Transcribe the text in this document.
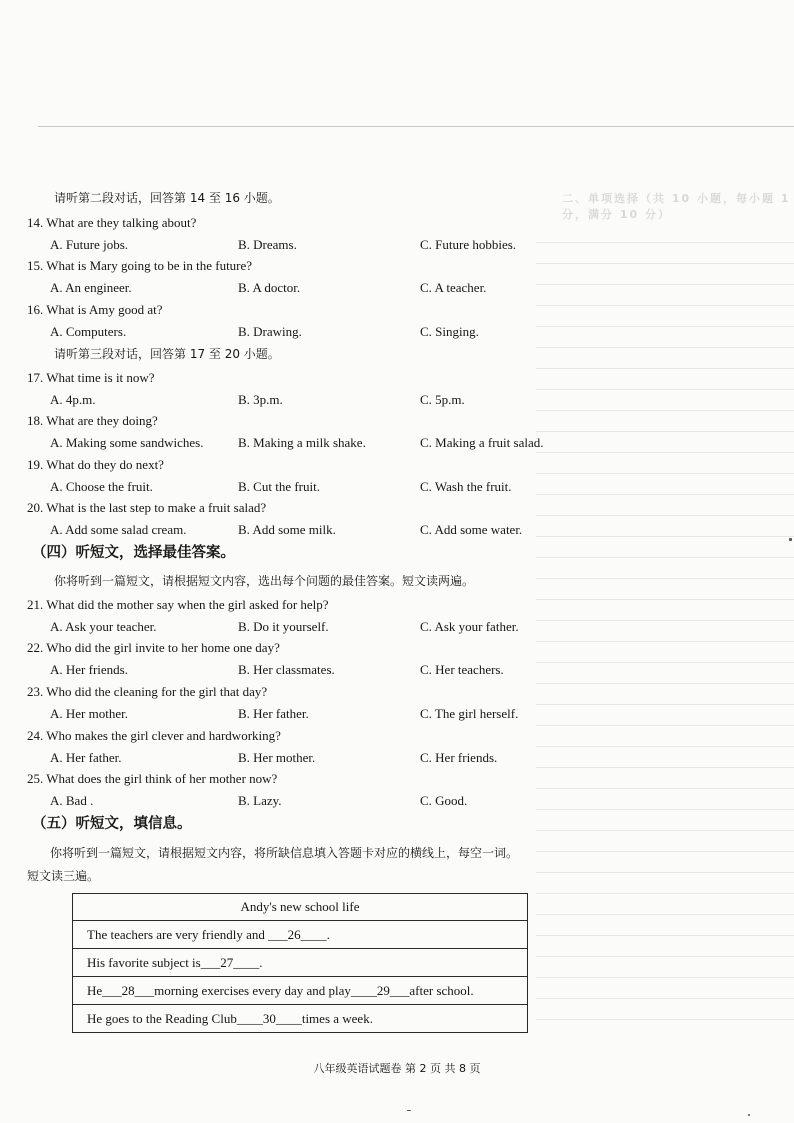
二、单项选择（共 10 小题，每小题 1 分，满分 10 分）
请听第二段对话，回答第 14 至 16 小题。
14. What are they talking about?
A. Future jobs.	B. Dreams.	C. Future hobbies.
15. What is Mary going to be in the future?
A. An engineer.	B. A doctor.	C. A teacher.
16. What is Amy good at?
A. Computers.	B. Drawing.	C. Singing.
请听第三段对话，回答第 17 至 20 小题。
17. What time is it now?
A. 4p.m.	B. 3p.m.	C. 5p.m.
18. What are they doing?
A. Making some sandwiches.	B. Making a milk shake.	C. Making a fruit salad.
19. What do they do next?
A. Choose the fruit.	B. Cut the fruit.	C. Wash the fruit.
20. What is the last step to make a fruit salad?
A. Add some salad cream.	B. Add some milk.	C. Add some water.
（四）听短文，选择最佳答案。
你将听到一篇短文，请根据短文内容，选出每个问题的最佳答案。短文读两遍。
21. What did the mother say when the girl asked for help?
A. Ask your teacher.	B. Do it yourself.	C. Ask your father.
22. Who did the girl invite to her home one day?
A. Her friends.	B. Her classmates.	C. Her teachers.
23. Who did the cleaning for the girl that day?
A. Her mother.	B. Her father.	C. The girl herself.
24. Who makes the girl clever and hardworking?
A. Her father.	B. Her mother.	C. Her friends.
25. What does the girl think of her mother now?
A. Bad .	B. Lazy.	C. Good.
（五）听短文，填信息。
你将听到一篇短文，请根据短文内容，将所缺信息填入答题卡对应的横线上，每空一词。
短文读三遍。
Andy's new school life
The teachers are very friendly and ___26____.
His favorite subject is___27____.
He___28___morning exercises every day and play____29___after school.
He goes to the Reading Club____30____times a week.
八年级英语试题卷 第 2 页 共 8 页
